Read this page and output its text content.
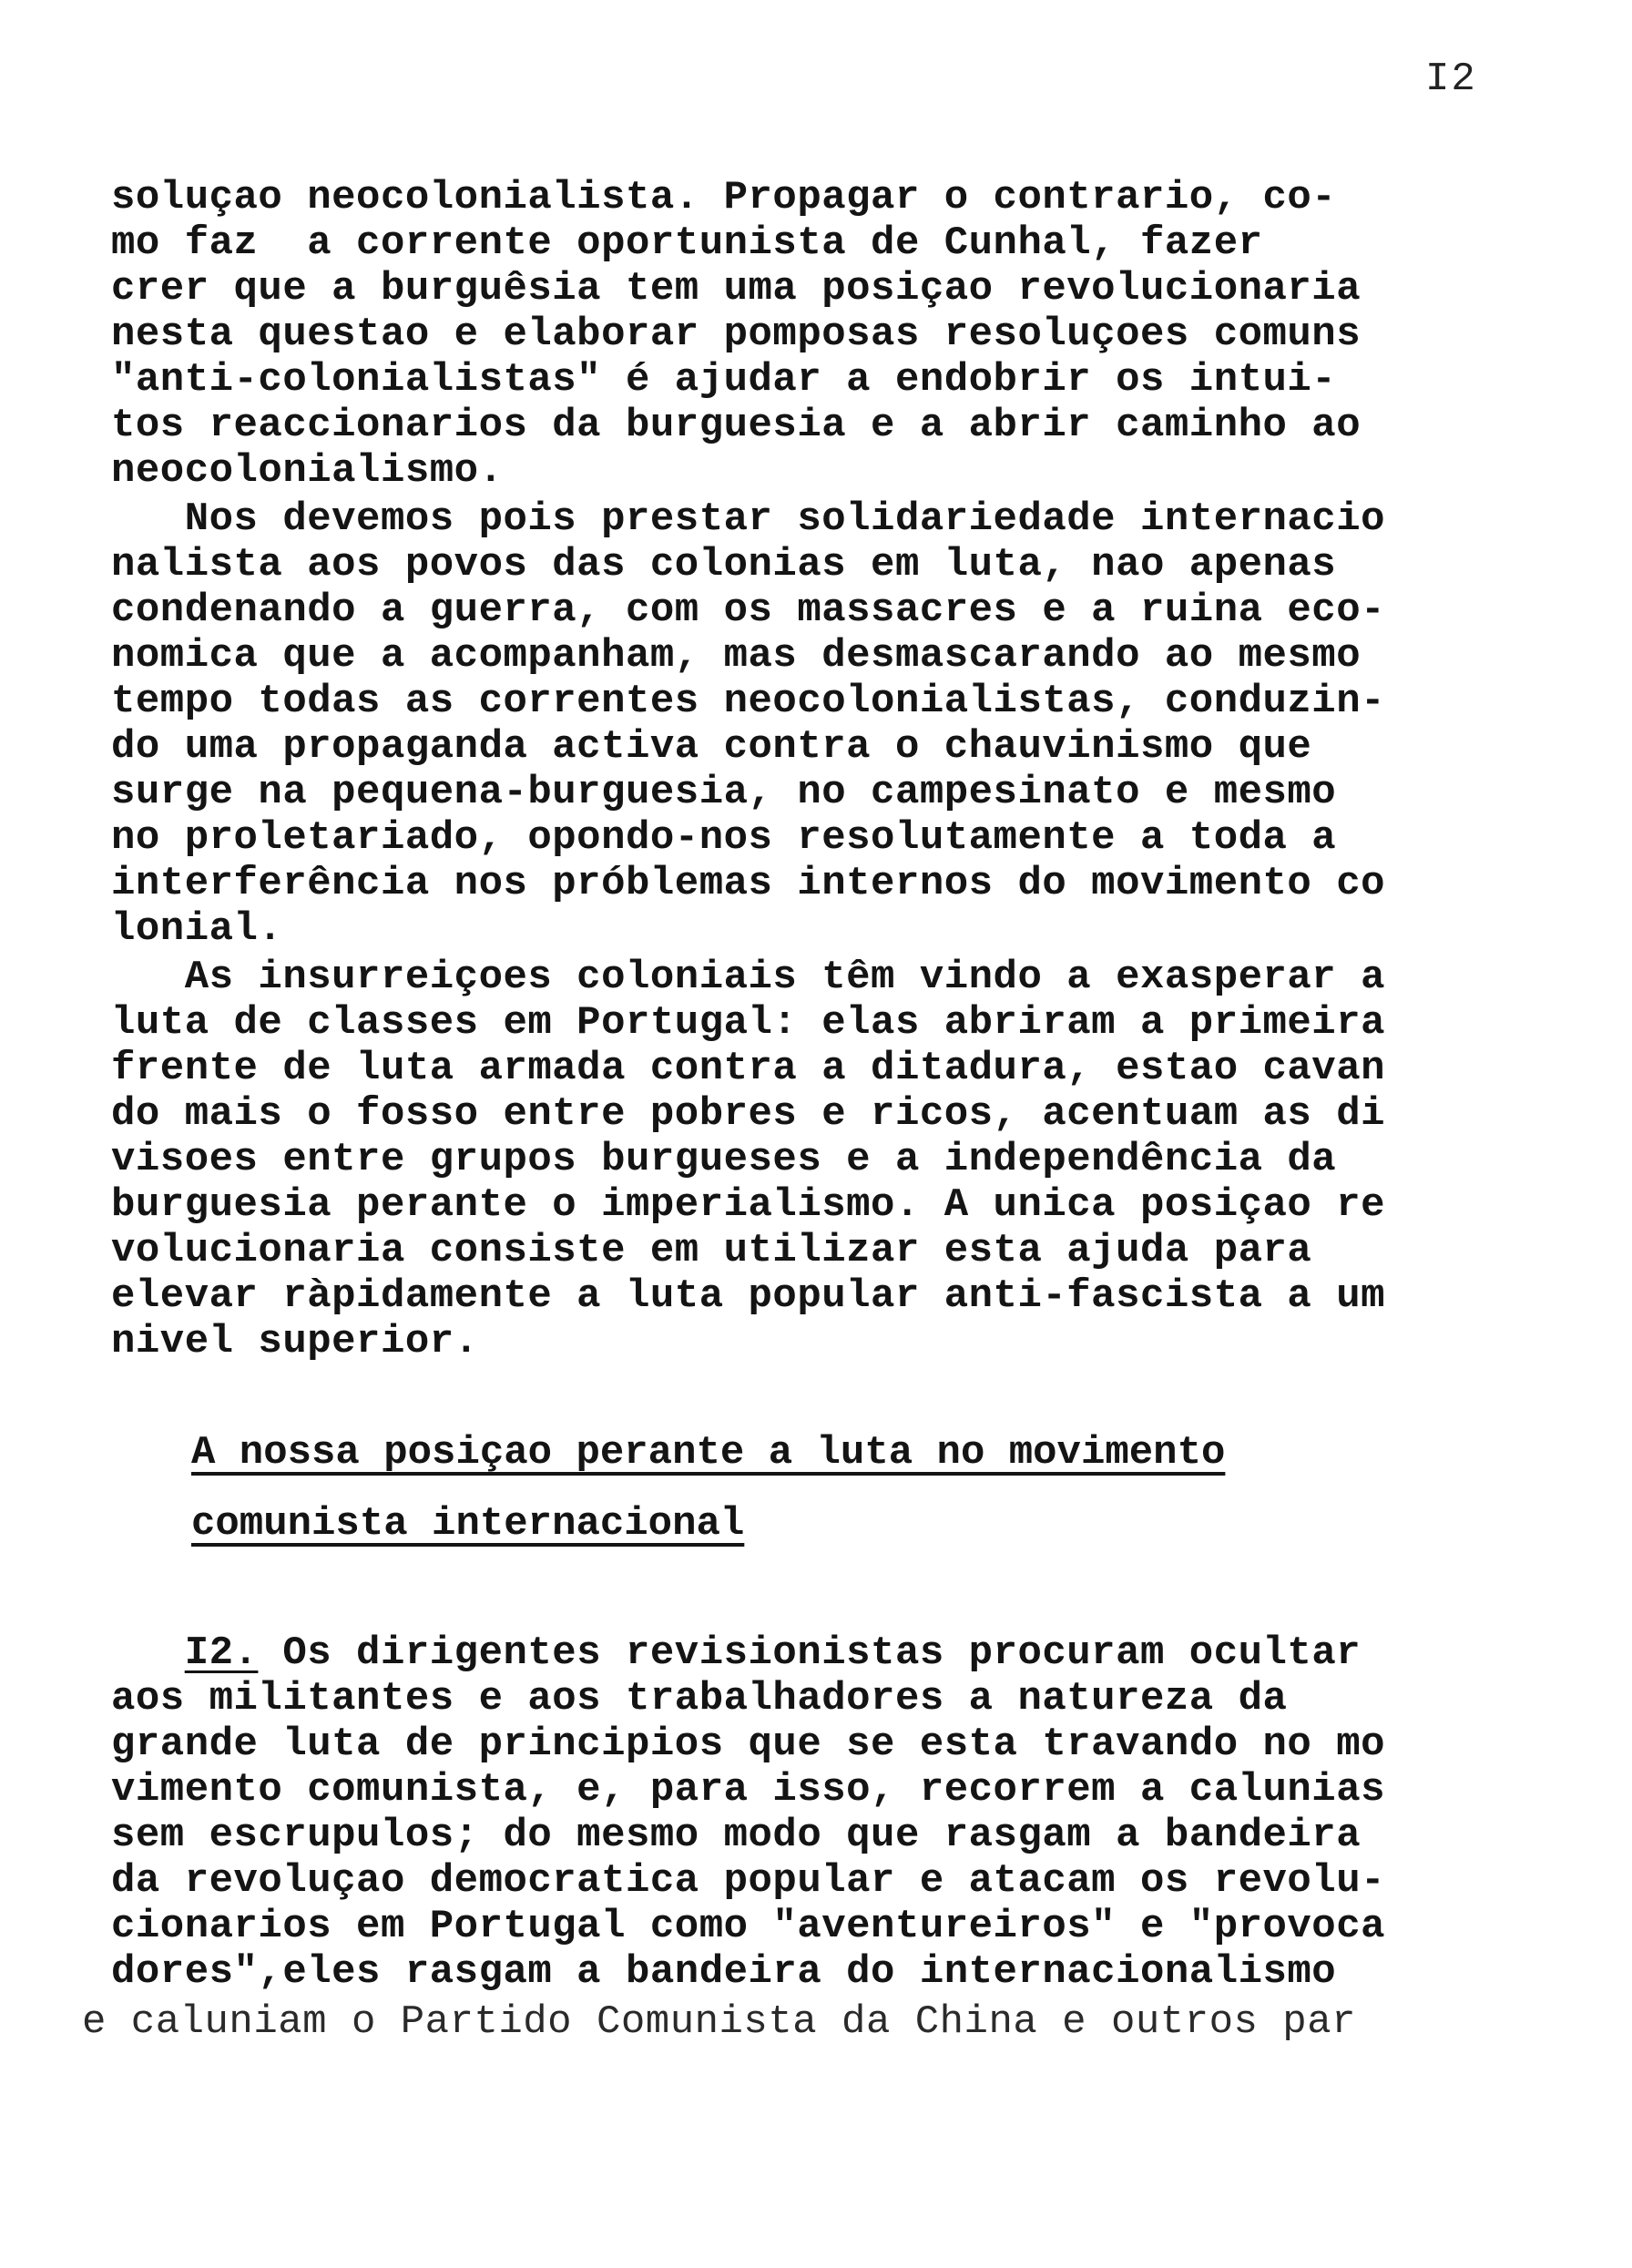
I2
soluçao neocolonialista. Propagar o contrario, co-
mo faz  a corrente oportunista de Cunhal, fazer
crer que a burguêsia tem uma posiçao revolucionaria
nesta questao e elaborar pomposas resoluçoes comuns
"anti-colonialistas" é ajudar a endobrir os intui-
tos reaccionarios da burguesia e a abrir caminho ao
neocolonialismo.
Nos devemos pois prestar solidariedade internacio
nalista aos povos das colonias em luta, nao apenas
condenando a guerra, com os massacres e a ruina eco-
nomica que a acompanham, mas desmascarando ao mesmo
tempo todas as correntes neocolonialistas, conduzin-
do uma propaganda activa contra o chauvinismo que
surge na pequena-burguesia, no campesinato e mesmo
no proletariado, opondo-nos resolutamente a toda a
interferência nos próblemas internos do movimento co
lonial.
As insurreiçoes coloniais têm vindo a exasperar a
luta de classes em Portugal: elas abriram a primeira
frente de luta armada contra a ditadura, estao cavan
do mais o fosso entre pobres e ricos, acentuam as di
visoes entre grupos burgueses e a independência da
burguesia perante o imperialismo. A unica posiçao re
volucionaria consiste em utilizar esta ajuda para
elevar ràpidamente a luta popular anti-fascista a um
nivel superior.
A nossa posiçao perante a luta no movimento
comunista internacional
I2. Os dirigentes revisionistas procuram ocultar
aos militantes e aos trabalhadores a natureza da
grande luta de principios que se esta travando no mo
vimento comunista, e, para isso, recorrem a calunias
sem escrupulos; do mesmo modo que rasgam a bandeira
da revoluçao democratica popular e atacam os revolu-
cionarios em Portugal como "aventureiros" e "provoca
dores",eles rasgam a bandeira do internacionalismo
e caluniam o Partido Comunista da China e outros par
